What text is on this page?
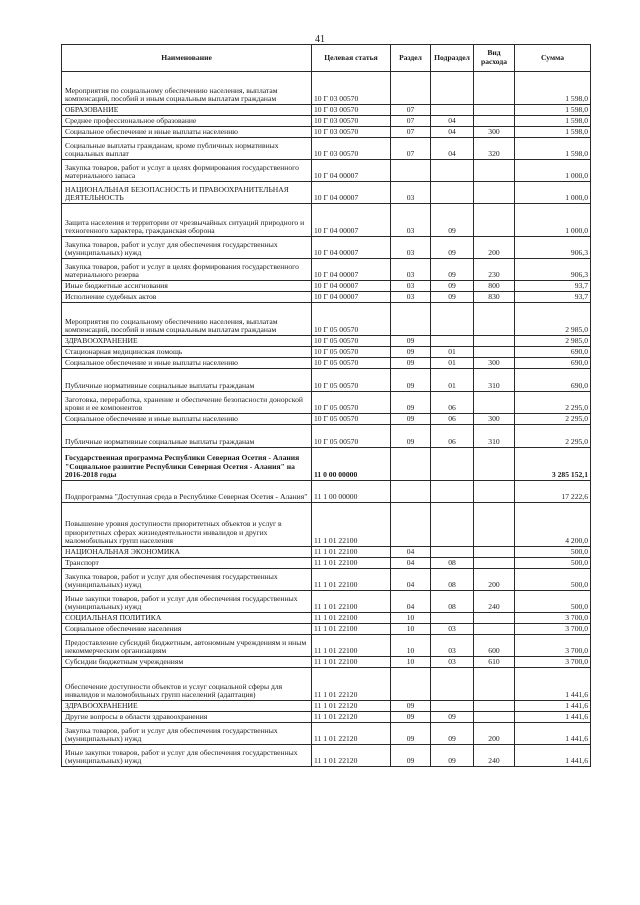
41
Наименование	Целевая статья	Раздел	Подраздел	Вид расхода	Сумма
Мероприятия по социальному обеспечению населения, выплатам компенсаций, пособий и иным социальным выплатам гражданам	10 Г 03 00570				1 598,0
ОБРАЗОВАНИЕ	10 Г 03 00570	07			1 598,0
Среднее профессиональное образование	10 Г 03 00570	07	04		1 598,0
Социальное обеспечение и иные выплаты населению	10 Г 03 00570	07	04	300	1 598,0
Социальные выплаты гражданам, кроме публичных нормативных социальных выплат	10 Г 03 00570	07	04	320	1 598,0
Закупка товаров, работ и услуг в целях формирования государственного материального запаса	10 Г 04 00007				1 000,0
НАЦИОНАЛЬНАЯ БЕЗОПАСНОСТЬ И ПРАВООХРАНИТЕЛЬНАЯ ДЕЯТЕЛЬНОСТЬ	10 Г 04 00007	03			1 000,0
Защита населения и территории от чрезвычайных ситуаций природного и техногенного характера, гражданская оборона	10 Г 04 00007	03	09		1 000,0
Закупка товаров, работ и услуг для обеспечения государственных (муниципальных) нужд	10 Г 04 00007	03	09	200	906,3
Закупка товаров, работ и услуг в целях формирования государственного материального резерва	10 Г 04 00007	03	09	230	906,3
Иные бюджетные ассигнования	10 Г 04 00007	03	09	800	93,7
Исполнение судебных актов	10 Г 04 00007	03	09	830	93,7
Мероприятия по социальному обеспечению населения, выплатам компенсаций, пособий и иным социальным выплатам гражданам	10 Г 05 00570				2 985,0
ЗДРАВООХРАНЕНИЕ	10 Г 05 00570	09			2 985,0
Стационарная медицинская помощь	10 Г 05 00570	09	01		690,0
Социальное обеспечение и иные выплаты населению	10 Г 05 00570	09	01	300	690,0
Публичные нормативные социальные выплаты гражданам	10 Г 05 00570	09	01	310	690,0
Заготовка, переработка, хранение и обеспечение безопасности донорской крови и ее компонентов	10 Г 05 00570	09	06		2 295,0
Социальное обеспечение и иные выплаты населению	10 Г 05 00570	09	06	300	2 295,0
Публичные нормативные социальные выплаты гражданам	10 Г 05 00570	09	06	310	2 295,0
Государственная программа Республики Северная Осетия - Алания "Социальное развитие Республики Северная Осетия - Алания" на 2016-2018 годы	11 0 00 00000				3 285 152,1
Подпрограмма "Доступная среда в Республике Северная Осетия - Алания"	11 1 00 00000				17 222,6
Повышение уровня доступности приоритетных объектов и услуг в приоритетных сферах жизнедеятельности инвалидов и других маломобильных групп населения	11 1 01 22100				4 200,0
НАЦИОНАЛЬНАЯ ЭКОНОМИКА	11 1 01 22100	04			500,0
Транспорт	11 1 01 22100	04	08		500,0
Закупка товаров, работ и услуг для обеспечения государственных (муниципальных) нужд	11 1 01 22100	04	08	200	500,0
Иные закупки товаров, работ и услуг для обеспечения государственных (муниципальных) нужд	11 1 01 22100	04	08	240	500,0
СОЦИАЛЬНАЯ ПОЛИТИКА	11 1 01 22100	10			3 700,0
Социальное обеспечение населения	11 1 01 22100	10	03		3 700,0
Предоставление субсидий бюджетным, автономным учреждениям и иным некоммерческим организациям	11 1 01 22100	10	03	600	3 700,0
Субсидии бюджетным учреждениям	11 1 01 22100	10	03	610	3 700,0
Обеспечение доступности объектов и услуг социальной сферы для инвалидов и маломобильных групп населений (адаптация)	11 1 01 22120				1 441,6
ЗДРАВООХРАНЕНИЕ	11 1 01 22120	09			1 441,6
Другие вопросы в области здравоохранения	11 1 01 22120	09	09		1 441,6
Закупка товаров, работ и услуг для обеспечения государственных (муниципальных) нужд	11 1 01 22120	09	09	200	1 441,6
Иные закупки товаров, работ и услуг для обеспечения государственных (муниципальных) нужд	11 1 01 22120	09	09	240	1 441,6
